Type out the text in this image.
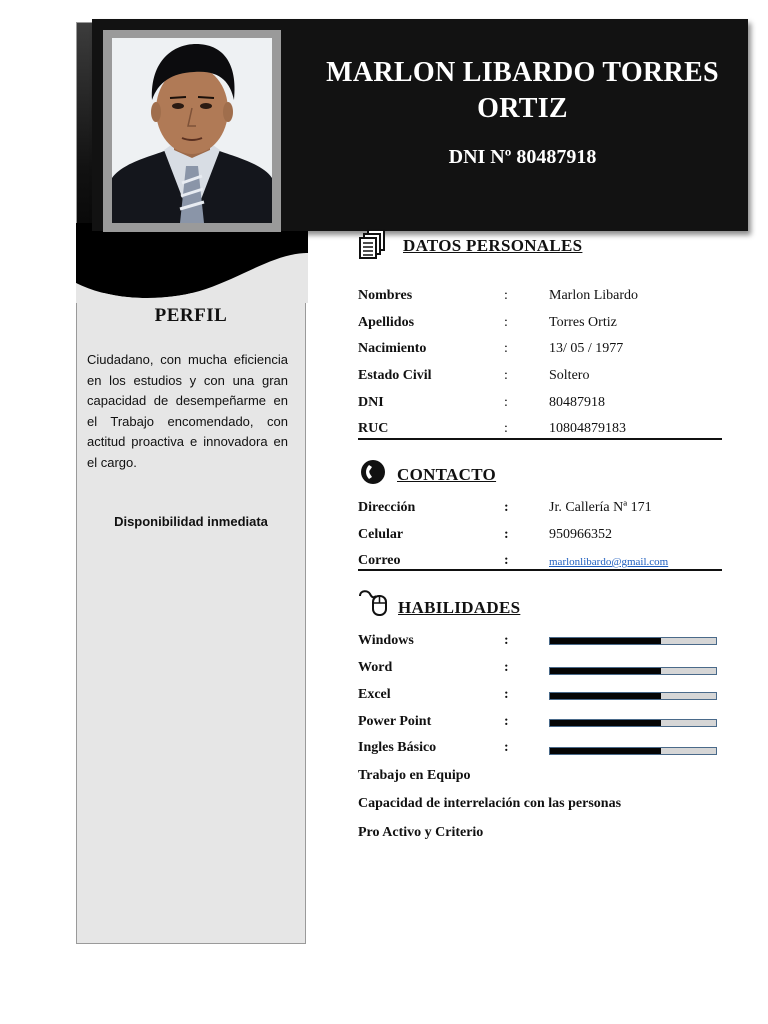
MARLON LIBARDO TORRES ORTIZ
DNI Nº 80487918
PERFIL
Ciudadano, con mucha eficiencia en los estudios y con una gran capacidad de desempeñarme en el Trabajo encomendado, con actitud proactiva e innovadora en el cargo.
Disponibilidad inmediata
DATOS PERSONALES
Nombres	:	Marlon Libardo
Apellidos	:	Torres Ortiz
Nacimiento	:	13/ 05 / 1977
Estado Civil	:	Soltero
DNI	:	80487918
RUC	:	10804879183
CONTACTO
Dirección	:	Jr. Callería Nª 171
Celular	:	950966352
Correo	:	marlonlibardo@gmail.com
HABILIDADES
Windows	:
Word	:
Excel	:
Power Point	:
Ingles Básico	:
Trabajo en Equipo
Capacidad de interrelación con las personas
Pro Activo y Criterio
